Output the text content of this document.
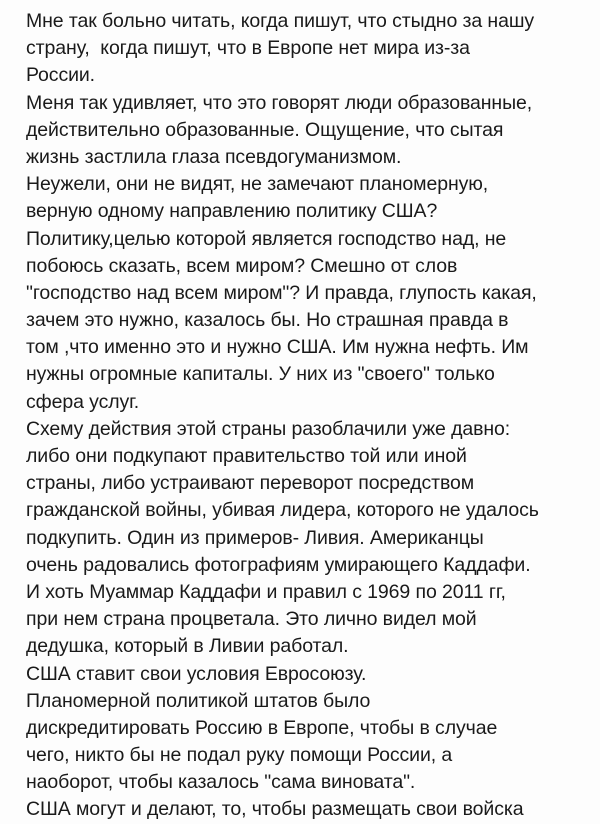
Мне так больно читать, когда пишут, что стыдно за нашу
страну,  когда пишут, что в Европе нет мира из-за
России.
Меня так удивляет, что это говорят люди образованные,
действительно образованные. Ощущение, что сытая
жизнь застлила глаза псевдогуманизмом.
Неужели, они не видят, не замечают планомерную,
верную одному направлению политику США?
Политику,целью которой является господство над, не
побоюсь сказать, всем миром? Смешно от слов
"господство над всем миром"? И правда, глупость какая,
зачем это нужно, казалось бы. Но страшная правда в
том ,что именно это и нужно США. Им нужна нефть. Им
нужны огромные капиталы. У них из "своего" только
сфера услуг.
Схему действия этой страны разоблачили уже давно:
либо они подкупают правительство той или иной
страны, либо устраивают переворот посредством
гражданской войны, убивая лидера, которого не удалось
подкупить. Один из примеров- Ливия. Американцы
очень радовались фотографиям умирающего Каддафи.
И хоть Муаммар Каддафи и правил с 1969 по 2011 гг,
при нем страна процветала. Это лично видел мой
дедушка, который в Ливии работал.
США ставит свои условия Евросоюзу.
Планомерной политикой штатов было
дискредитировать Россию в Европе, чтобы в случае
чего, никто бы не подал руку помощи России, а
наоборот, чтобы казалось "сама виновата".
США могут и делают, то, чтобы размещать свои войска
